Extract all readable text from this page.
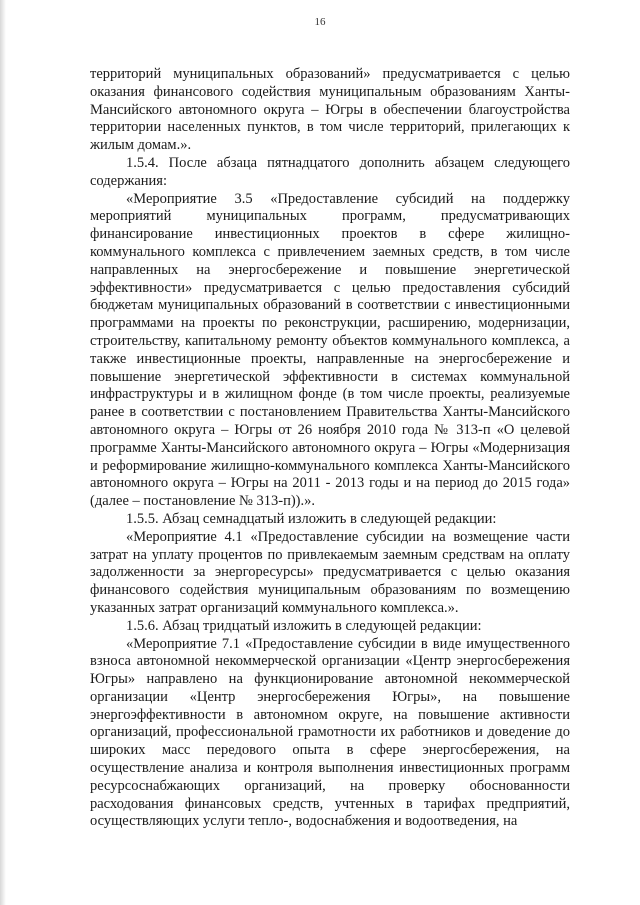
16

территорий муниципальных образований» предусматривается с целью оказания финансового содействия муниципальным образованиям Ханты-Мансийского автономного округа – Югры в обеспечении благоустройства территории населенных пунктов, в том числе территорий, прилегающих к жилым домам.».

1.5.4. После абзаца пятнадцатого дополнить абзацем следующего содержания:

«Мероприятие 3.5 «Предоставление субсидий на поддержку мероприятий муниципальных программ, предусматривающих финансирование инвестиционных проектов в сфере жилищно-коммунального комплекса с привлечением заемных средств, в том числе направленных на энергосбережение и повышение энергетической эффективности» предусматривается с целью предоставления субсидий бюджетам муниципальных образований в соответствии с инвестиционными программами на проекты по реконструкции, расширению, модернизации, строительству, капитальному ремонту объектов коммунального комплекса, а также инвестиционные проекты, направленные на энергосбережение и повышение энергетической эффективности в системах коммунальной инфраструктуры и в жилищном фонде (в том числе проекты, реализуемые ранее в соответствии с постановлением Правительства Ханты-Мансийского автономного округа – Югры от 26 ноября 2010 года № 313-п «О целевой программе Ханты-Мансийского автономного округа – Югры «Модернизация и реформирование жилищно-коммунального комплекса Ханты-Мансийского автономного округа – Югры на 2011 - 2013 годы и на период до 2015 года» (далее – постановление № 313-п)).».

1.5.5. Абзац семнадцатый изложить в следующей редакции:

«Мероприятие 4.1 «Предоставление субсидии на возмещение части затрат на уплату процентов по привлекаемым заемным средствам на оплату задолженности за энергоресурсы» предусматривается с целью оказания финансового содействия муниципальным образованиям по возмещению указанных затрат организаций коммунального комплекса.».

1.5.6. Абзац тридцатый изложить в следующей редакции:

«Мероприятие 7.1 «Предоставление субсидии в виде имущественного взноса автономной некоммерческой организации «Центр энергосбережения Югры» направлено на функционирование автономной некоммерческой организации «Центр энергосбережения Югры», на повышение энергоэффективности в автономном округе, на повышение активности организаций, профессиональной грамотности их работников и доведение до широких масс передового опыта в сфере энергосбережения, на осуществление анализа и контроля выполнения инвестиционных программ ресурсоснабжающих организаций, на проверку обоснованности расходования финансовых средств, учтенных в тарифах предприятий, осуществляющих услуги тепло-, водоснабжения и водоотведения, на
